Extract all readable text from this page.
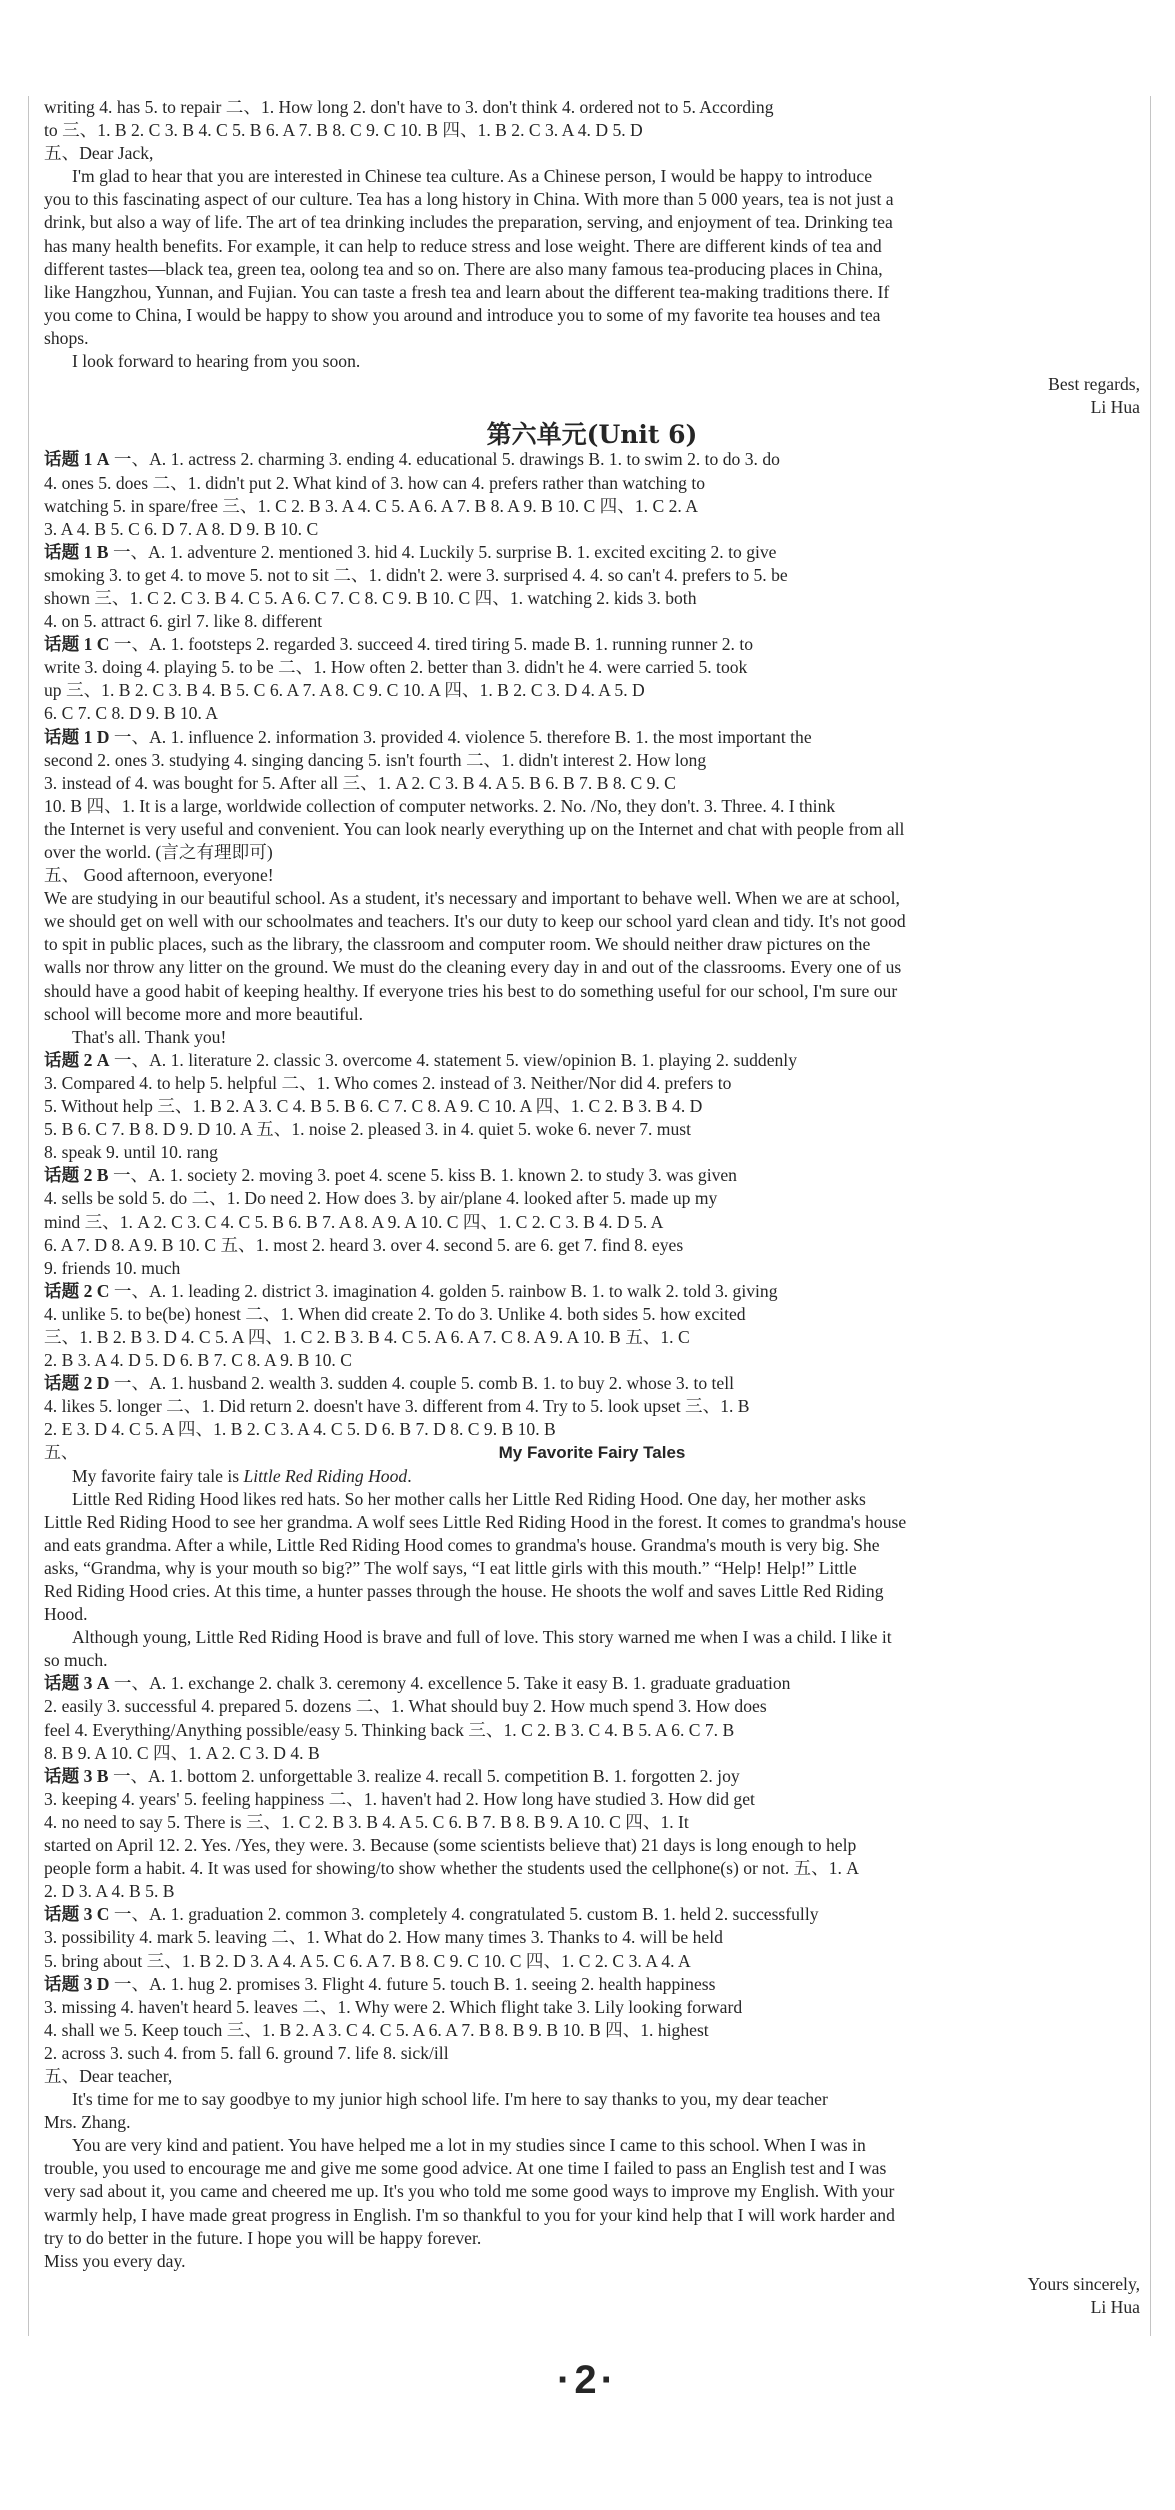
writing 4. has 5. to repair 二、1. How long 2. don't have to 3. don't think 4. ordered not to 5. According
to 三、1. B 2. C 3. B 4. C 5. B 6. A 7. B 8. C 9. C 10. B 四、1. B 2. C 3. A 4. D 5. D
五、Dear Jack,
I'm glad to hear that you are interested in Chinese tea culture. As a Chinese person, I would be happy to introduce
you to this fascinating aspect of our culture. Tea has a long history in China. With more than 5 000 years, tea is not just a
drink, but also a way of life. The art of tea drinking includes the preparation, serving, and enjoyment of tea. Drinking tea
has many health benefits. For example, it can help to reduce stress and lose weight. There are different kinds of tea and
different tastes—black tea, green tea, oolong tea and so on. There are also many famous tea-producing places in China,
like Hangzhou, Yunnan, and Fujian. You can taste a fresh tea and learn about the different tea-making traditions there. If
you come to China, I would be happy to show you around and introduce you to some of my favorite tea houses and tea
shops.
I look forward to hearing from you soon.
Best regards,
Li Hua
第六单元(Unit 6)
话题 1 A 一、A. 1. actress 2. charming 3. ending 4. educational 5. drawings B. 1. to swim 2. to do 3. do
4. ones 5. does 二、1. didn't put 2. What kind of 3. how can 4. prefers rather than watching to
watching 5. in spare/free 三、1. C 2. B 3. A 4. C 5. A 6. A 7. B 8. A 9. B 10. C 四、1. C 2. A
3. A 4. B 5. C 6. D 7. A 8. D 9. B 10. C
话题 1 B 一、A. 1. adventure 2. mentioned 3. hid 4. Luckily 5. surprise B. 1. excited exciting 2. to give
smoking 3. to get 4. to move 5. not to sit 二、1. didn't 2. were 3. surprised 4. 4. so can't 4. prefers to 5. be
shown 三、1. C 2. C 3. B 4. C 5. A 6. C 7. C 8. C 9. B 10. C 四、1. watching 2. kids 3. both
4. on 5. attract 6. girl 7. like 8. different
话题 1 C 一、A. 1. footsteps 2. regarded 3. succeed 4. tired tiring 5. made B. 1. running runner 2. to
write 3. doing 4. playing 5. to be 二、1. How often 2. better than 3. didn't he 4. were carried 5. took
up 三、1. B 2. C 3. B 4. B 5. C 6. A 7. A 8. C 9. C 10. A 四、1. B 2. C 3. D 4. A 5. D
6. C 7. C 8. D 9. B 10. A
话题 1 D 一、A. 1. influence 2. information 3. provided 4. violence 5. therefore B. 1. the most important the
second 2. ones 3. studying 4. singing dancing 5. isn't fourth 二、1. didn't interest 2. How long
3. instead of 4. was bought for 5. After all 三、1. A 2. C 3. B 4. A 5. B 6. B 7. B 8. C 9. C
10. B 四、1. It is a large, worldwide collection of computer networks. 2. No. /No, they don't. 3. Three. 4. I think
the Internet is very useful and convenient. You can look nearly everything up on the Internet and chat with people from all
over the world. (言之有理即可)
五、 Good afternoon, everyone!
We are studying in our beautiful school. As a student, it's necessary and important to behave well. When we are at school,
we should get on well with our schoolmates and teachers. It's our duty to keep our school yard clean and tidy. It's not good
to spit in public places, such as the library, the classroom and computer room. We should neither draw pictures on the
walls nor throw any litter on the ground. We must do the cleaning every day in and out of the classrooms. Every one of us
should have a good habit of keeping healthy. If everyone tries his best to do something useful for our school, I'm sure our
school will become more and more beautiful.
That's all. Thank you!
话题 2 A 一、A. 1. literature 2. classic 3. overcome 4. statement 5. view/opinion B. 1. playing 2. suddenly
3. Compared 4. to help 5. helpful 二、1. Who comes 2. instead of 3. Neither/Nor did 4. prefers to
5. Without help 三、1. B 2. A 3. C 4. B 5. B 6. C 7. C 8. A 9. C 10. A 四、1. C 2. B 3. B 4. D
5. B 6. C 7. B 8. D 9. D 10. A 五、1. noise 2. pleased 3. in 4. quiet 5. woke 6. never 7. must
8. speak 9. until 10. rang
话题 2 B 一、A. 1. society 2. moving 3. poet 4. scene 5. kiss B. 1. known 2. to study 3. was given
4. sells be sold 5. do 二、1. Do need 2. How does 3. by air/plane 4. looked after 5. made up my
mind 三、1. A 2. C 3. C 4. C 5. B 6. B 7. A 8. A 9. A 10. C 四、1. C 2. C 3. B 4. D 5. A
6. A 7. D 8. A 9. B 10. C 五、1. most 2. heard 3. over 4. second 5. are 6. get 7. find 8. eyes
9. friends 10. much
话题 2 C 一、A. 1. leading 2. district 3. imagination 4. golden 5. rainbow B. 1. to walk 2. told 3. giving
4. unlike 5. to be(be) honest 二、1. When did create 2. To do 3. Unlike 4. both sides 5. how excited
三、1. B 2. B 3. D 4. C 5. A 四、1. C 2. B 3. B 4. C 5. A 6. A 7. C 8. A 9. A 10. B 五、1. C
2. B 3. A 4. D 5. D 6. B 7. C 8. A 9. B 10. C
话题 2 D 一、A. 1. husband 2. wealth 3. sudden 4. couple 5. comb B. 1. to buy 2. whose 3. to tell
4. likes 5. longer 二、1. Did return 2. doesn't have 3. different from 4. Try to 5. look upset 三、1. B
2. E 3. D 4. C 5. A 四、1. B 2. C 3. A 4. C 5. D 6. B 7. D 8. C 9. B 10. B
五、	My Favorite Fairy Tales
My favorite fairy tale is Little Red Riding Hood.
Little Red Riding Hood likes red hats. So her mother calls her Little Red Riding Hood. One day, her mother asks
Little Red Riding Hood to see her grandma. A wolf sees Little Red Riding Hood in the forest. It comes to grandma's house
and eats grandma. After a while, Little Red Riding Hood comes to grandma's house. Grandma's mouth is very big. She
asks, “Grandma, why is your mouth so big?” The wolf says, “I eat little girls with this mouth.” “Help! Help!” Little
Red Riding Hood cries. At this time, a hunter passes through the house. He shoots the wolf and saves Little Red Riding
Hood.
Although young, Little Red Riding Hood is brave and full of love. This story warned me when I was a child. I like it
so much.
话题 3 A 一、A. 1. exchange 2. chalk 3. ceremony 4. excellence 5. Take it easy B. 1. graduate graduation
2. easily 3. successful 4. prepared 5. dozens 二、1. What should buy 2. How much spend 3. How does
feel 4. Everything/Anything possible/easy 5. Thinking back 三、1. C 2. B 3. C 4. B 5. A 6. C 7. B
8. B 9. A 10. C 四、1. A 2. C 3. D 4. B
话题 3 B 一、A. 1. bottom 2. unforgettable 3. realize 4. recall 5. competition B. 1. forgotten 2. joy
3. keeping 4. years' 5. feeling happiness 二、1. haven't had 2. How long have studied 3. How did get
4. no need to say 5. There is 三、1. C 2. B 3. B 4. A 5. C 6. B 7. B 8. B 9. A 10. C 四、1. It
started on April 12. 2. Yes. /Yes, they were. 3. Because (some scientists believe that) 21 days is long enough to help
people form a habit. 4. It was used for showing/to show whether the students used the cellphone(s) or not. 五、1. A
2. D 3. A 4. B 5. B
话题 3 C 一、A. 1. graduation 2. common 3. completely 4. congratulated 5. custom B. 1. held 2. successfully
3. possibility 4. mark 5. leaving 二、1. What do 2. How many times 3. Thanks to 4. will be held
5. bring about 三、1. B 2. D 3. A 4. A 5. C 6. A 7. B 8. C 9. C 10. C 四、1. C 2. C 3. A 4. A
话题 3 D 一、A. 1. hug 2. promises 3. Flight 4. future 5. touch B. 1. seeing 2. health happiness
3. missing 4. haven't heard 5. leaves 二、1. Why were 2. Which flight take 3. Lily looking forward
4. shall we 5. Keep touch 三、1. B 2. A 3. C 4. C 5. A 6. A 7. B 8. B 9. B 10. B 四、1. highest
2. across 3. such 4. from 5. fall 6. ground 7. life 8. sick/ill
五、Dear teacher,
It's time for me to say goodbye to my junior high school life. I'm here to say thanks to you, my dear teacher
Mrs. Zhang.
You are very kind and patient. You have helped me a lot in my studies since I came to this school. When I was in
trouble, you used to encourage me and give me some good advice. At one time I failed to pass an English test and I was
very sad about it, you came and cheered me up. It's you who told me some good ways to improve my English. With your
warmly help, I have made great progress in English. I'm so thankful to you for your kind help that I will work harder and
try to do better in the future. I hope you will be happy forever.
Miss you every day.
Yours sincerely,
Li Hua
·2·
